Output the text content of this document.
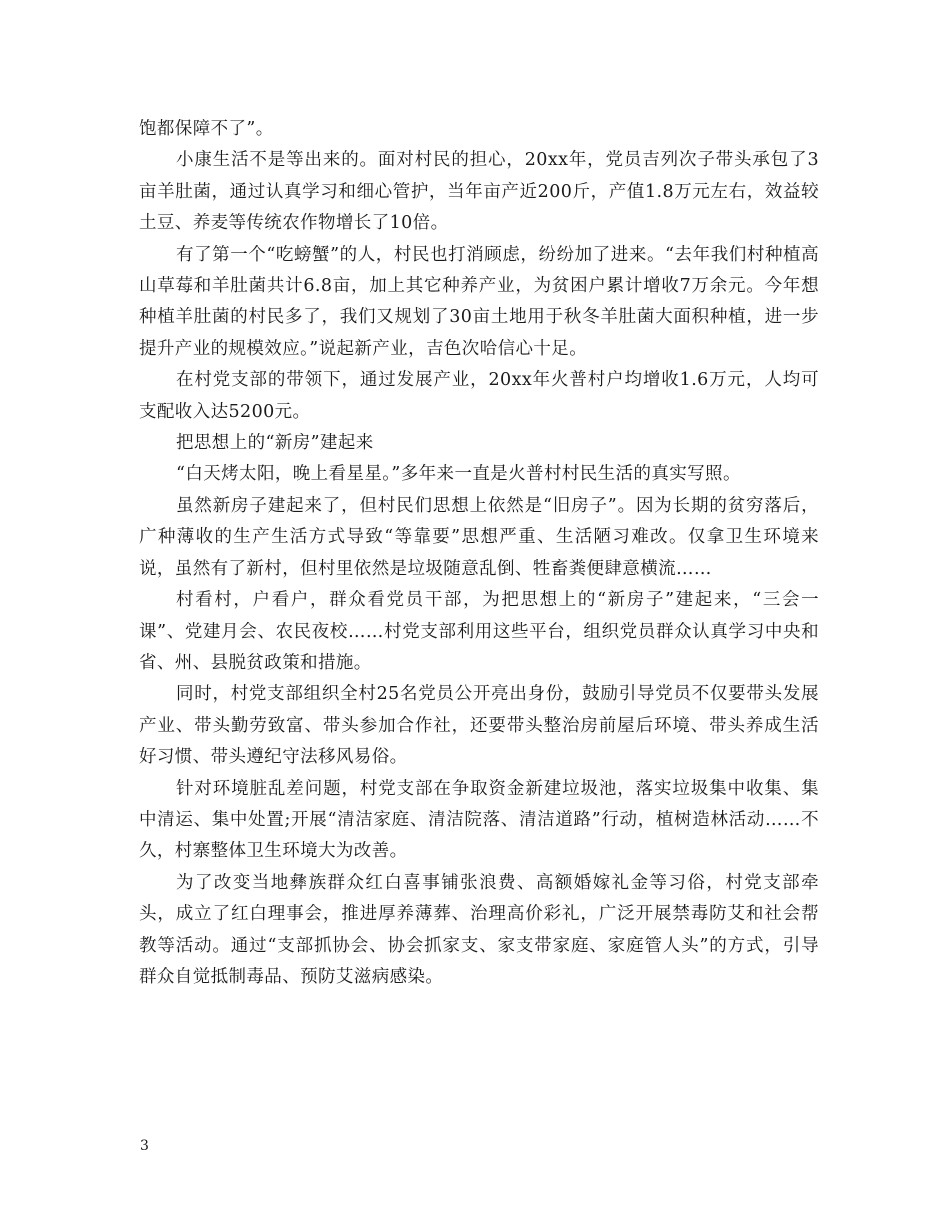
饱都保障不了”。

小康生活不是等出来的。面对村民的担心，20xx年，党员吉列次子带头承包了3亩羊肚菌，通过认真学习和细心管护，当年亩产近200斤，产值1.8万元左右，效益较土豆、养麦等传统农作物增长了10倍。

有了第一个“吃螃蟹”的人，村民也打消顾虑，纷纷加了进来。“去年我们村种植高山草莓和羊肚菌共计6.8亩，加上其它种养产业，为贫困户累计增收7万余元。今年想种植羊肚菌的村民多了，我们又规划了30亩土地用于秋冬羊肚菌大面积种植，进一步提升产业的规模效应。”说起新产业，吉色次哈信心十足。

在村党支部的带领下，通过发展产业，20xx年火普村户均增收1.6万元，人均可支配收入达5200元。

把思想上的“新房”建起来

“白天烤太阳，晚上看星星。”多年来一直是火普村村民生活的真实写照。

虽然新房子建起来了，但村民们思想上依然是“旧房子”。因为长期的贫穷落后，广种薄收的生产生活方式导致“等靠要”思想严重、生活陋习难改。仅拿卫生环境来说，虽然有了新村，但村里依然是垃圾随意乱倒、牲畜粪便肆意横流……

村看村，户看户，群众看党员干部，为把思想上的“新房子”建起来，“三会一课”、党建月会、农民夜校……村党支部利用这些平台，组织党员群众认真学习中央和省、州、县脱贫政策和措施。

同时，村党支部组织全村25名党员公开亮出身份，鼓励引导党员不仅要带头发展产业、带头勤劳致富、带头参加合作社，还要带头整治房前屋后环境、带头养成生活好习惯、带头遵纪守法移风易俗。

针对环境脏乱差问题，村党支部在争取资金新建垃圾池，落实垃圾集中收集、集中清运、集中处置;开展“清洁家庭、清洁院落、清洁道路”行动，植树造林活动……不久，村寨整体卫生环境大为改善。

为了改变当地彝族群众红白喜事铺张浪费、高额婚嫁礼金等习俗，村党支部牵头，成立了红白理事会，推进厚养薄葬、治理高价彩礼，广泛开展禁毒防艾和社会帮教等活动。通过“支部抓协会、协会抓家支、家支带家庭、家庭管人头”的方式，引导群众自觉抵制毒品、预防艾滋病感染。

3
